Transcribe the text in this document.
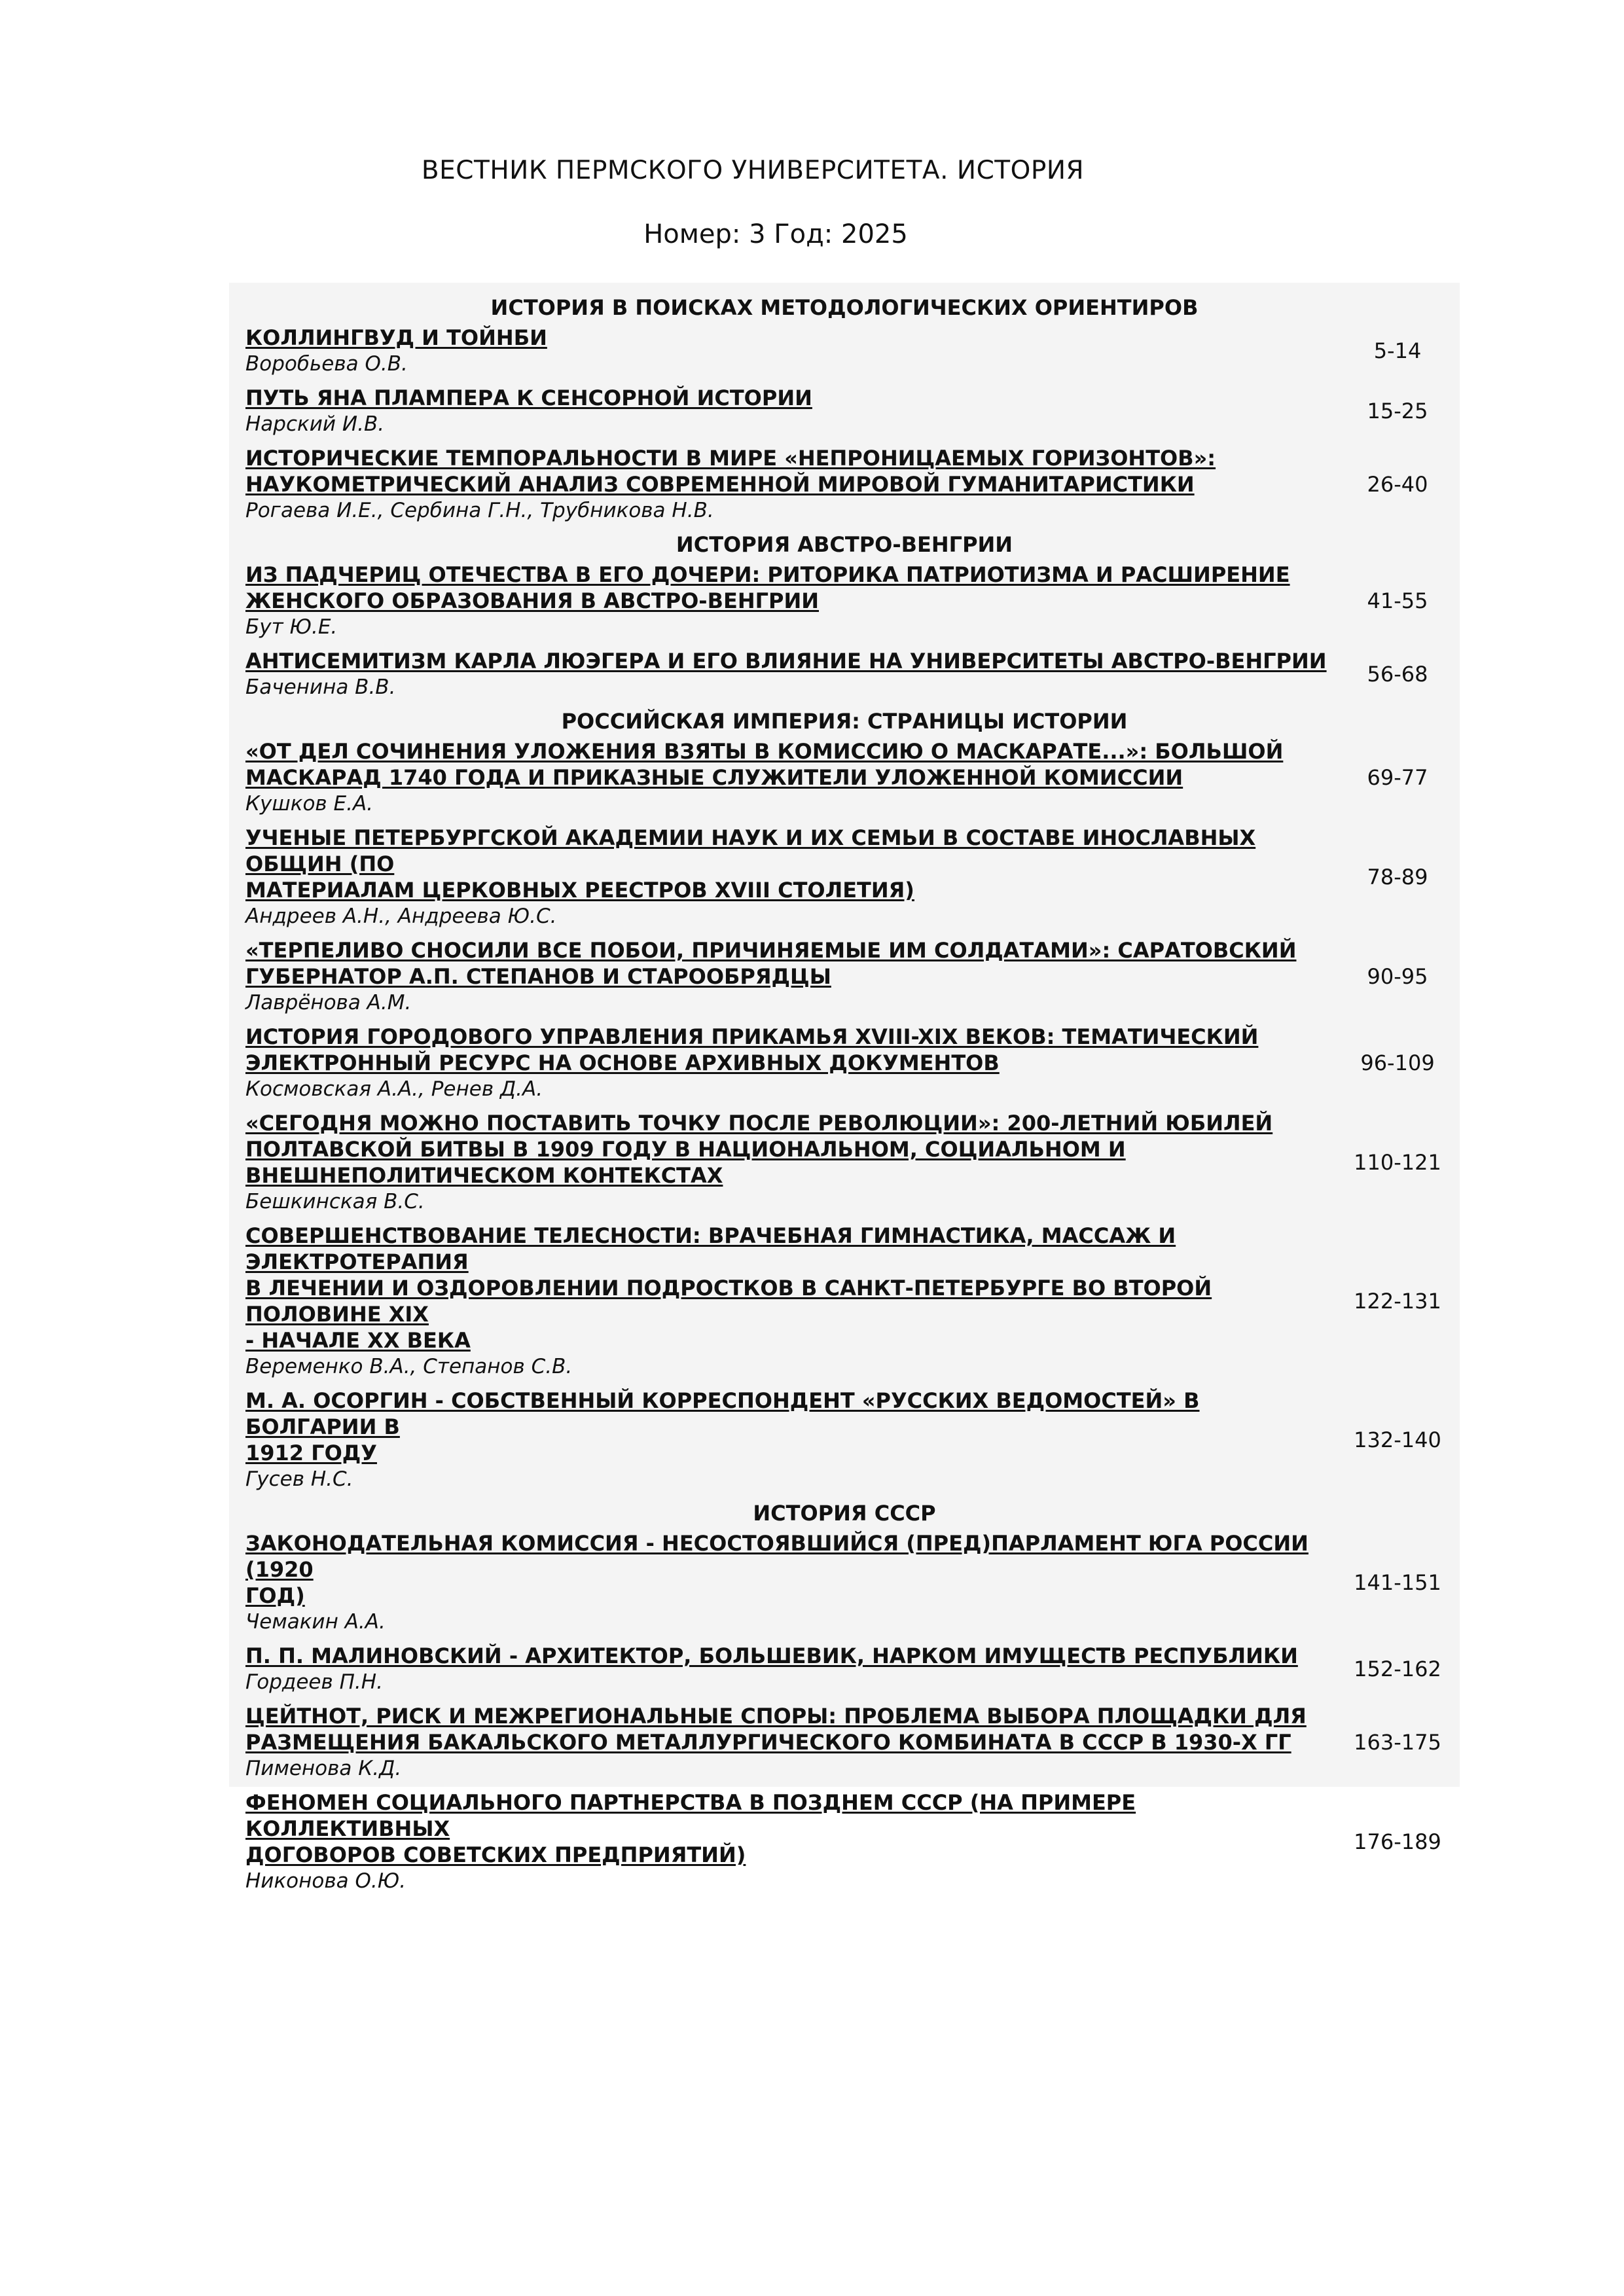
ВЕСТНИК ПЕРМСКОГО УНИВЕРСИТЕТА. ИСТОРИЯ
Номер: 3 Год: 2025
ИСТОРИЯ В ПОИСКАХ МЕТОДОЛОГИЧЕСКИХ ОРИЕНТИРОВ
КОЛЛИНГВУД И ТОЙНБИ
Воробьева О.В.
5-14
ПУТЬ ЯНА ПЛАМПЕРА К СЕНСОРНОЙ ИСТОРИИ
Нарский И.В.
15-25
ИСТОРИЧЕСКИЕ ТЕМПОРАЛЬНОСТИ В МИРЕ «НЕПРОНИЦАЕМЫХ ГОРИЗОНТОВ»:
НАУКОМЕТРИЧЕСКИЙ АНАЛИЗ СОВРЕМЕННОЙ МИРОВОЙ ГУМАНИТАРИСТИКИ
Рогаева И.Е., Сербина Г.Н., Трубникова Н.В.
26-40
ИСТОРИЯ АВСТРО-ВЕНГРИИ
ИЗ ПАДЧЕРИЦ ОТЕЧЕСТВА В ЕГО ДОЧЕРИ: РИТОРИКА ПАТРИОТИЗМА И РАСШИРЕНИЕ
ЖЕНСКОГО ОБРАЗОВАНИЯ В АВСТРО-ВЕНГРИИ
Бут Ю.Е.
41-55
АНТИСЕМИТИЗМ КАРЛА ЛЮЭГЕРА И ЕГО ВЛИЯНИЕ НА УНИВЕРСИТЕТЫ АВСТРО-ВЕНГРИИ
Баченина В.В.
56-68
РОССИЙСКАЯ ИМПЕРИЯ: СТРАНИЦЫ ИСТОРИИ
«ОТ ДЕЛ СОЧИНЕНИЯ УЛОЖЕНИЯ ВЗЯТЫ В КОМИССИЮ О МАСКАРАТЕ...»: БОЛЬШОЙ
МАСКАРАД 1740 ГОДА И ПРИКАЗНЫЕ СЛУЖИТЕЛИ УЛОЖЕННОЙ КОМИССИИ
Кушков Е.А.
69-77
УЧЕНЫЕ ПЕТЕРБУРГСКОЙ АКАДЕМИИ НАУК И ИХ СЕМЬИ В СОСТАВЕ ИНОСЛАВНЫХ ОБЩИН (ПО
МАТЕРИАЛАМ ЦЕРКОВНЫХ РЕЕСТРОВ XVIII СТОЛЕТИЯ)
Андреев А.Н., Андреева Ю.С.
78-89
«ТЕРПЕЛИВО СНОСИЛИ ВСЕ ПОБОИ, ПРИЧИНЯЕМЫЕ ИМ СОЛДАТАМИ»: САРАТОВСКИЙ
ГУБЕРНАТОР А.П. СТЕПАНОВ И СТАРООБРЯДЦЫ
Лаврёнова А.М.
90-95
ИСТОРИЯ ГОРОДОВОГО УПРАВЛЕНИЯ ПРИКАМЬЯ XVIII-XIX ВЕКОВ: ТЕМАТИЧЕСКИЙ
ЭЛЕКТРОННЫЙ РЕСУРС НА ОСНОВЕ АРХИВНЫХ ДОКУМЕНТОВ
Космовская А.А., Ренев Д.А.
96-109
«СЕГОДНЯ МОЖНО ПОСТАВИТЬ ТОЧКУ ПОСЛЕ РЕВОЛЮЦИИ»: 200-ЛЕТНИЙ ЮБИЛЕЙ
ПОЛТАВСКОЙ БИТВЫ В 1909 ГОДУ В НАЦИОНАЛЬНОМ, СОЦИАЛЬНОМ И
ВНЕШНЕПОЛИТИЧЕСКОМ КОНТЕКСТАХ
Бешкинская В.С.
110-121
СОВЕРШЕНСТВОВАНИЕ ТЕЛЕСНОСТИ: ВРАЧЕБНАЯ ГИМНАСТИКА, МАССАЖ И ЭЛЕКТРОТЕРАПИЯ
В ЛЕЧЕНИИ И ОЗДОРОВЛЕНИИ ПОДРОСТКОВ В САНКТ-ПЕТЕРБУРГЕ ВО ВТОРОЙ ПОЛОВИНЕ XIX
- НАЧАЛЕ XX ВЕКА
Веременко В.А., Степанов С.В.
122-131
М. А. ОСОРГИН - СОБСТВЕННЫЙ КОРРЕСПОНДЕНТ «РУССКИХ ВЕДОМОСТЕЙ» В БОЛГАРИИ В
1912 ГОДУ
Гусев Н.С.
132-140
ИСТОРИЯ СССР
ЗАКОНОДАТЕЛЬНАЯ КОМИССИЯ - НЕСОСТОЯВШИЙСЯ (ПРЕД)ПАРЛАМЕНТ ЮГА РОССИИ (1920
ГОД)
Чемакин А.А.
141-151
П. П. МАЛИНОВСКИЙ - АРХИТЕКТОР, БОЛЬШЕВИК, НАРКОМ ИМУЩЕСТВ РЕСПУБЛИКИ
Гордеев П.Н.
152-162
ЦЕЙТНОТ, РИСК И МЕЖРЕГИОНАЛЬНЫЕ СПОРЫ: ПРОБЛЕМА ВЫБОРА ПЛОЩАДКИ ДЛЯ
РАЗМЕЩЕНИЯ БАКАЛЬСКОГО МЕТАЛЛУРГИЧЕСКОГО КОМБИНАТА В СССР В 1930-Х ГГ
Пименова К.Д.
163-175
ФЕНОМЕН СОЦИАЛЬНОГО ПАРТНЕРСТВА В ПОЗДНЕМ СССР (НА ПРИМЕРЕ КОЛЛЕКТИВНЫХ
ДОГОВОРОВ СОВЕТСКИХ ПРЕДПРИЯТИЙ)
Никонова О.Ю.
176-189
